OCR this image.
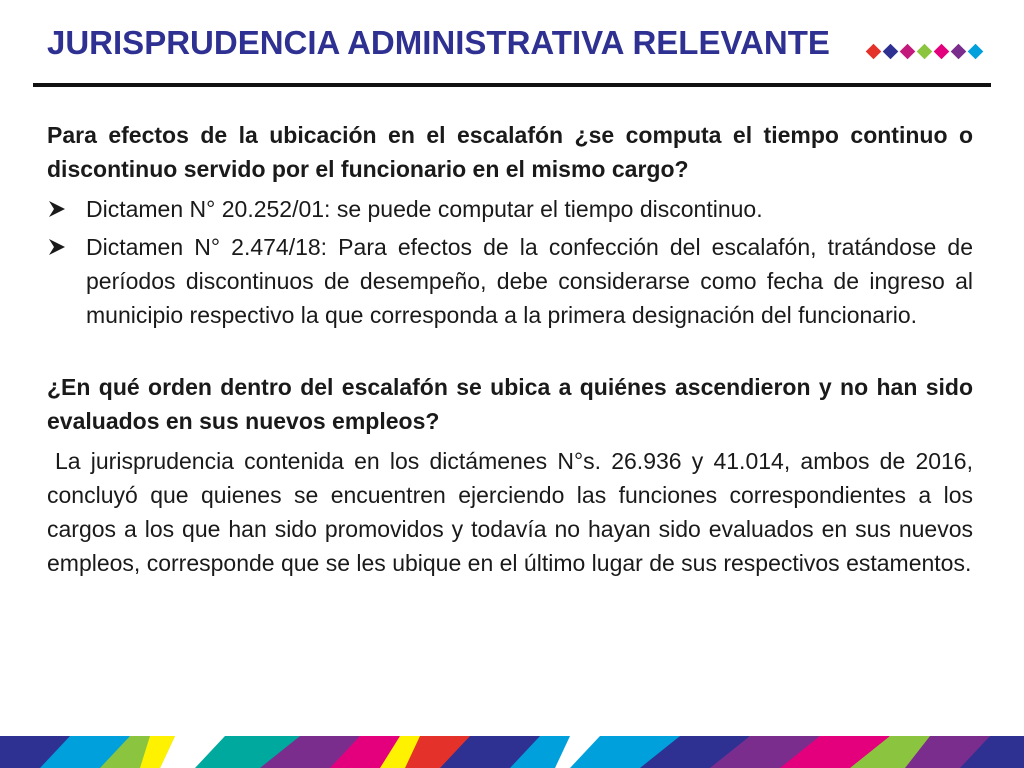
JURISPRUDENCIA ADMINISTRATIVA RELEVANTE

Para efectos de la ubicación en el escalafón ¿se computa el tiempo continuo o discontinuo servido por el funcionario en el mismo cargo?

Dictamen N° 20.252/01: se puede computar el tiempo discontinuo.
Dictamen N° 2.474/18: Para efectos de la confección del escalafón, tratándose de períodos discontinuos de desempeño, debe considerarse como fecha de ingreso al municipio respectivo la que corresponda a la primera designación del funcionario.

¿En qué orden dentro del escalafón se ubica a quiénes ascendieron y no han sido evaluados en sus nuevos empleos?

La jurisprudencia contenida en los dictámenes N°s. 26.936 y 41.014, ambos de 2016, concluyó que quienes se encuentren ejerciendo las funciones correspondientes a los cargos a los que han sido promovidos y todavía no hayan sido evaluados en sus nuevos empleos, corresponde que se les ubique en el último lugar de sus respectivos estamentos.
